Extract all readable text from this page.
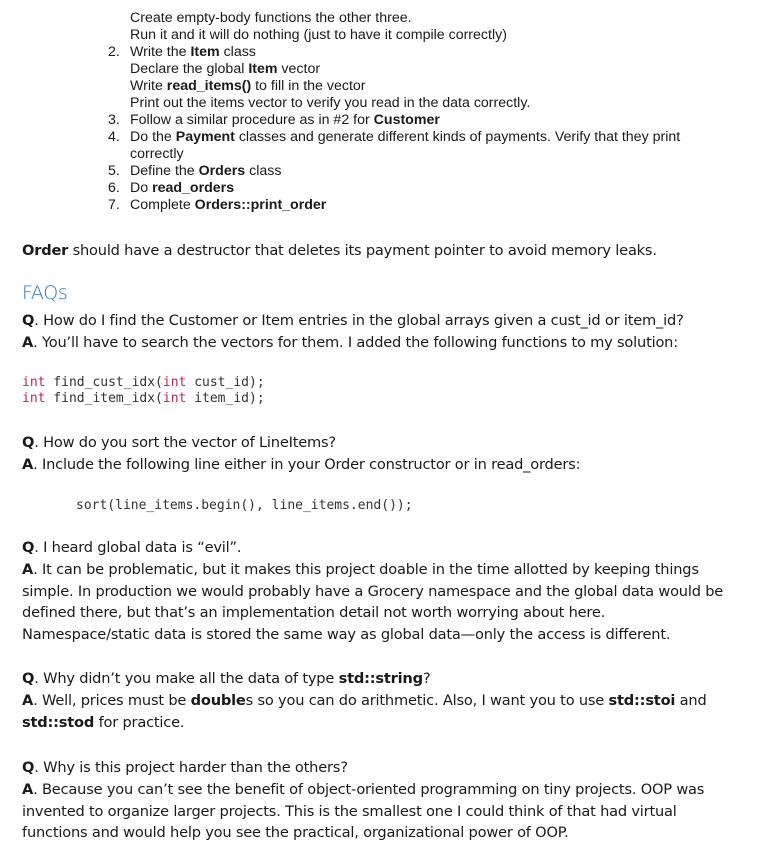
Create empty-body functions the other three.
Run it and it will do nothing (just to have it compile correctly)
2. Write the Item class
Declare the global Item vector
Write read_items() to fill in the vector
Print out the items vector to verify you read in the data correctly.
3. Follow a similar procedure as in #2 for Customer
4. Do the Payment classes and generate different kinds of payments. Verify that they print
correctly
5. Define the Orders class
6. Do read_orders
7. Complete Orders::print_order
Order should have a destructor that deletes its payment pointer to avoid memory leaks.
FAQs
Q. How do I find the Customer or Item entries in the global arrays given a cust_id or item_id?
A. You’ll have to search the vectors for them. I added the following functions to my solution:
int find_cust_idx(int cust_id);
int find_item_idx(int item_id);
Q. How do you sort the vector of LineItems?
A. Include the following line either in your Order constructor or in read_orders:
sort(line_items.begin(), line_items.end());
Q. I heard global data is “evil”.
A. It can be problematic, but it makes this project doable in the time allotted by keeping things
simple. In production we would probably have a Grocery namespace and the global data would be
defined there, but that’s an implementation detail not worth worrying about here.
Namespace/static data is stored the same way as global data—only the access is different.
Q. Why didn’t you make all the data of type std::string?
A. Well, prices must be doubles so you can do arithmetic. Also, I want you to use std::stoi and
std::stod for practice.
Q. Why is this project harder than the others?
A. Because you can’t see the benefit of object-oriented programming on tiny projects. OOP was
invented to organize larger projects. This is the smallest one I could think of that had virtual
functions and would help you see the practical, organizational power of OOP.
